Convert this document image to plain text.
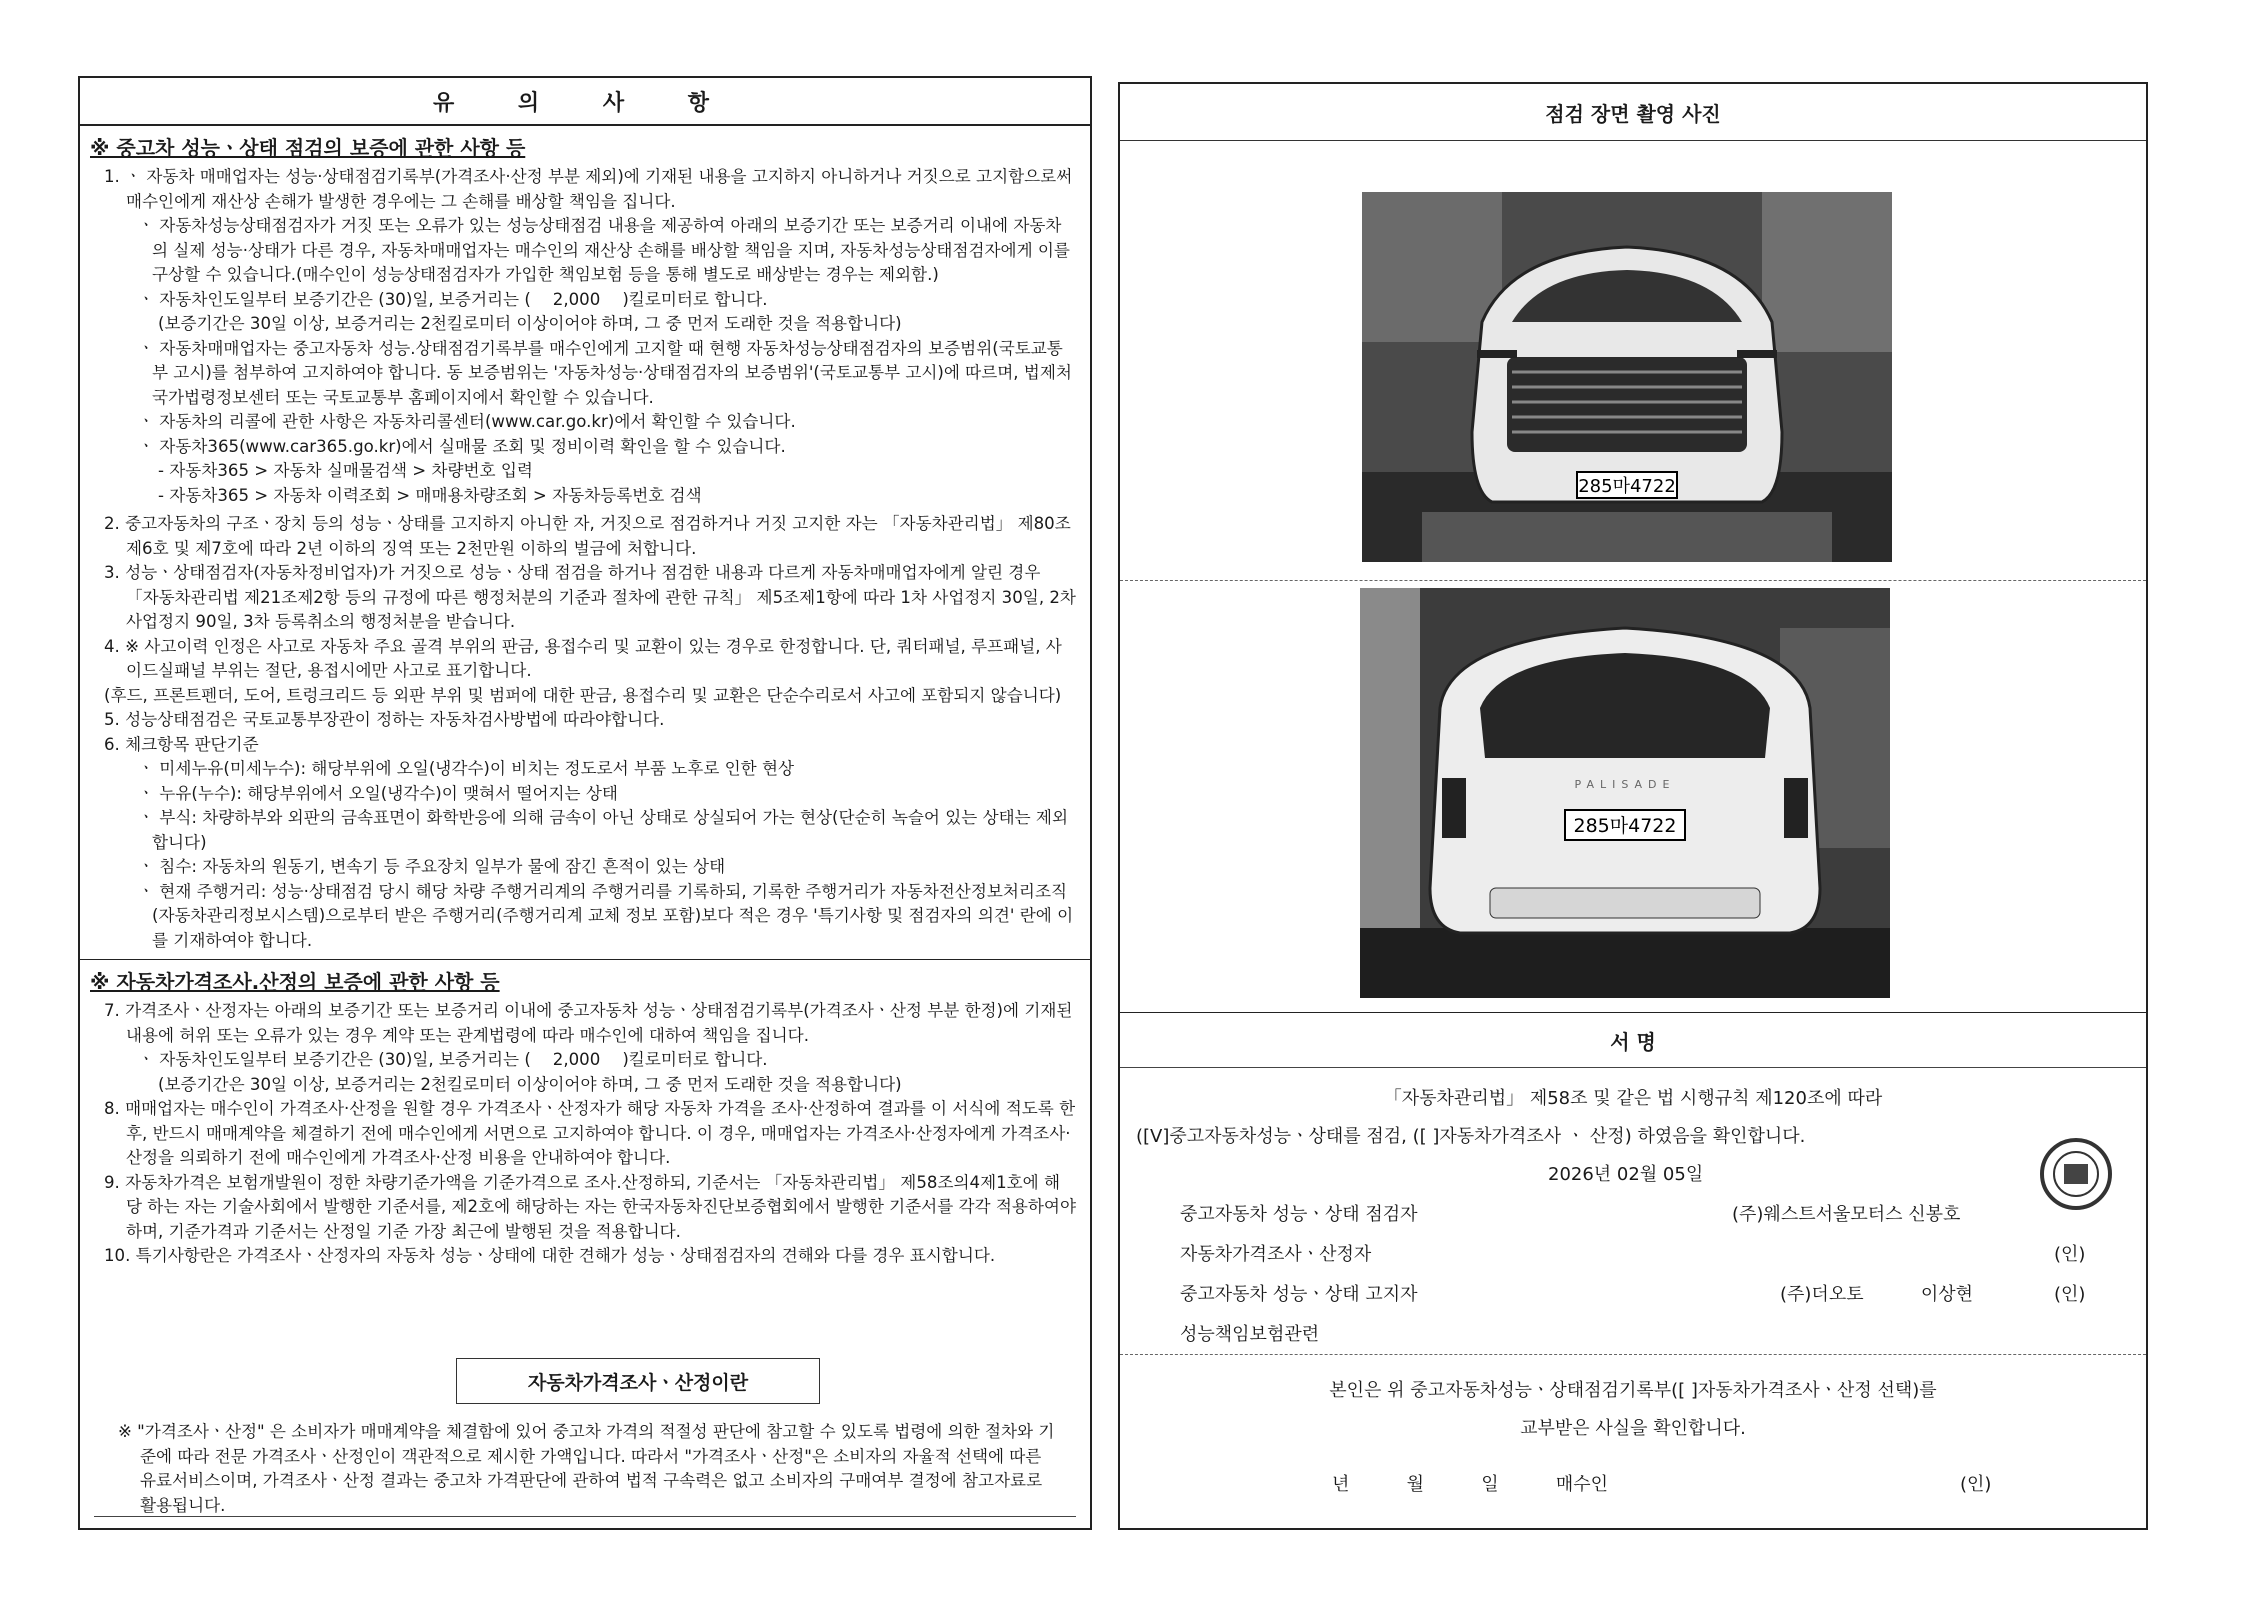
유 의 사 항
※ 중고차 성능ㆍ상태 점검의 보증에 관한 사항 등

1. ㆍ 자동차 매매업자는 성능·상태점검기록부(가격조사·산정 부분 제외)에 기재된 내용을 고지하지 아니하거나 거짓으로 고지함으로써 매수인에게 재산상 손해가 발생한 경우에는 그 손해를 배상할 책임을 집니다.

ㆍ 자동차성능상태점검자가 거짓 또는 오류가 있는 성능상태점검 내용을 제공하여 아래의 보증기간 또는 보증거리 이내에 자동차의 실제 성능·상태가 다른 경우, 자동차매매업자는 매수인의 재산상 손해를 배상할 책임을 지며, 자동차성능상태점검자에게 이를 구상할 수 있습니다.(매수인이 성능상태점검자가 가입한 책임보험 등을 통해 별도로 배상받는 경우는 제외함.)

ㆍ 자동차인도일부터 보증기간은 (30)일, 보증거리는 ( 2,000 )킬로미터로 합니다.

(보증기간은 30일 이상, 보증거리는 2천킬로미터 이상이어야 하며, 그 중 먼저 도래한 것을 적용합니다)

ㆍ 자동차매매업자는 중고자동차 성능.상태점검기록부를 매수인에게 고지할 때 현행 자동차성능상태점검자의 보증범위(국토교통부 고시)를 첨부하여 고지하여야 합니다. 동 보증범위는 '자동차성능·상태점검자의 보증범위'(국토교통부 고시)에 따르며, 법제처 국가법령정보센터 또는 국토교통부 홈페이지에서 확인할 수 있습니다.

ㆍ 자동차의 리콜에 관한 사항은 자동차리콜센터(www.car.go.kr)에서 확인할 수 있습니다.

ㆍ 자동차365(www.car365.go.kr)에서 실매물 조회 및 정비이력 확인을 할 수 있습니다.

- 자동차365 > 자동차 실매물검색 > 차량번호 입력

- 자동차365 > 자동차 이력조회 > 매매용차량조회 > 자동차등록번호 검색

2. 중고자동차의 구조ㆍ장치 등의 성능ㆍ상태를 고지하지 아니한 자, 거짓으로 점검하거나 거짓 고지한 자는 「자동차관리법」 제80조제6호 및 제7호에 따라 2년 이하의 징역 또는 2천만원 이하의 벌금에 처합니다.

3. 성능ㆍ상태점검자(자동차정비업자)가 거짓으로 성능ㆍ상태 점검을 하거나 점검한 내용과 다르게 자동차매매업자에게 알린 경우 「자동차관리법 제21조제2항 등의 규정에 따른 행정처분의 기준과 절차에 관한 규칙」 제5조제1항에 따라 1차 사업정지 30일, 2차사업정지 90일, 3차 등록취소의 행정처분을 받습니다.

4. ※ 사고이력 인정은 사고로 자동차 주요 골격 부위의 판금, 용접수리 및 교환이 있는 경우로 한정합니다. 단, 쿼터패널, 루프패널, 사이드실패널 부위는 절단, 용접시에만 사고로 표기합니다.

(후드, 프론트펜더, 도어, 트렁크리드 등 외판 부위 및 범퍼에 대한 판금, 용접수리 및 교환은 단순수리로서 사고에 포함되지 않습니다)

5. 성능상태점검은 국토교통부장관이 정하는 자동차검사방법에 따라야합니다.

6. 체크항목 판단기준

ㆍ 미세누유(미세누수): 해당부위에 오일(냉각수)이 비치는 정도로서 부품 노후로 인한 현상

ㆍ 누유(누수): 해당부위에서 오일(냉각수)이 맺혀서 떨어지는 상태

ㆍ 부식: 차량하부와 외판의 금속표면이 화학반응에 의해 금속이 아닌 상태로 상실되어 가는 현상(단순히 녹슬어 있는 상태는 제외합니다)

ㆍ 침수: 자동차의 원동기, 변속기 등 주요장치 일부가 물에 잠긴 흔적이 있는 상태

ㆍ 현재 주행거리: 성능·상태점검 당시 해당 차량 주행거리계의 주행거리를 기록하되, 기록한 주행거리가 자동차전산정보처리조직(자동차관리정보시스템)으로부터 받은 주행거리(주행거리계 교체 정보 포함)보다 적은 경우 '특기사항 및 점검자의 의견' 란에 이를 기재하여야 합니다.

※ 자동차가격조사.산정의 보증에 관한 사항 등

7. 가격조사ㆍ산정자는 아래의 보증기간 또는 보증거리 이내에 중고자동차 성능ㆍ상태점검기록부(가격조사ㆍ산정 부분 한정)에 기재된 내용에 허위 또는 오류가 있는 경우 계약 또는 관계법령에 따라 매수인에 대하여 책임을 집니다.

ㆍ 자동차인도일부터 보증기간은 (30)일, 보증거리는 ( 2,000 )킬로미터로 합니다.

(보증기간은 30일 이상, 보증거리는 2천킬로미터 이상이어야 하며, 그 중 먼저 도래한 것을 적용합니다)

8. 매매업자는 매수인이 가격조사·산정을 원할 경우 가격조사ㆍ산정자가 해당 자동차 가격을 조사·산정하여 결과를 이 서식에 적도록 한 후, 반드시 매매계약을 체결하기 전에 매수인에게 서면으로 고지하여야 합니다. 이 경우, 매매업자는 가격조사·산정자에게 가격조사·산정을 의뢰하기 전에 매수인에게 가격조사·산정 비용을 안내하여야 합니다.

9. 자동차가격은 보험개발원이 정한 차량기준가액을 기준가격으로 조사.산정하되, 기준서는 「자동차관리법」 제58조의4제1호에 해당 하는 자는 기술사회에서 발행한 기준서를, 제2호에 해당하는 자는 한국자동차진단보증협회에서 발행한 기준서를 각각 적용하여야 하며, 기준가격과 기준서는 산정일 기준 가장 최근에 발행된 것을 적용합니다.

10. 특기사항란은 가격조사ㆍ산정자의 자동차 성능ㆍ상태에 대한 견해가 성능ㆍ상태점검자의 견해와 다를 경우 표시합니다.

※ "가격조사ㆍ산정" 은 소비자가 매매계약을 체결함에 있어 중고차 가격의 적절성 판단에 참고할 수 있도록 법령에 의한 절차와 기준에 따라 전문 가격조사ㆍ산정인이 객관적으로 제시한 가액입니다. 따라서 "가격조사ㆍ산정"은 소비자의 자율적 선택에 따른 유료서비스이며, 가격조사ㆍ산정 결과는 중고차 가격판단에 관하여 법적 구속력은 없고 소비자의 구매여부 결정에 참고자료로 활용됩니다.

자동차가격조사ㆍ산정이란
점검 장면 촬영 사진
285마4722
PALISADE
285마4722
서 명
「자동차관리법」 제58조 및 같은 법 시행규칙 제120조에 따라
([V]중고자동차성능ㆍ상태를 점검, ([ ]자동차가격조사 ㆍ 산정) 하였음을 확인합니다.
2026년 02월 05일
중고자동차 성능ㆍ상태 점검자	(주)웨스트서울모터스 신봉호
자동차가격조사ㆍ산정자	(인)
중고자동차 성능ㆍ상태 고지자	(주)더오토          이상현	(인)
성능책임보험관련
본인은 위 중고자동차성능ㆍ상태점검기록부([ ]자동차가격조사ㆍ산정 선택)를
교부받은 사실을 확인합니다.
년          월          일          매수인	(인)
